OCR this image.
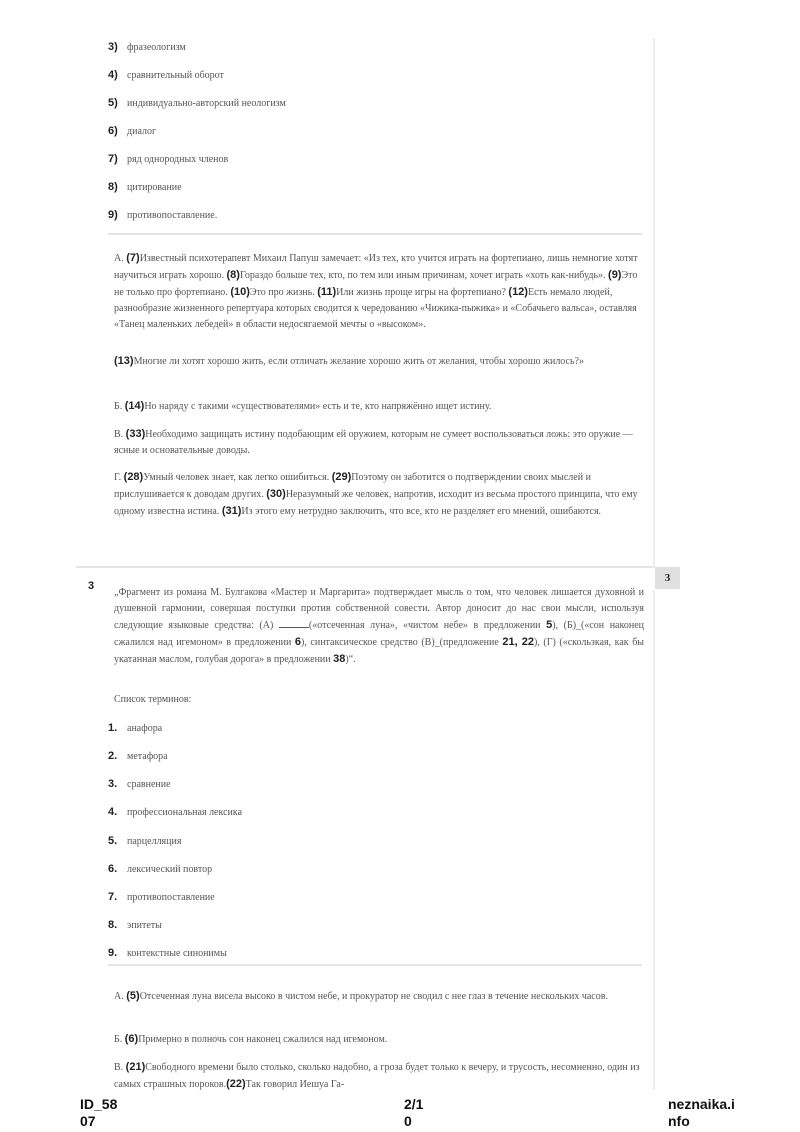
3) фразеологизм
4) сравнительный оборот
5) индивидуально-авторский неологизм
6) диалог
7) ряд однородных членов
8) цитирование
9) противопоставление.

А. (7)Известный психотерапевт Михаил Папуш замечает: «Из тех, кто учится играть на фортепиано, лишь немногие хотят научиться играть хорошо. (8)Гораздо больше тех, кто, по тем или иным причинам, хочет играть «хоть как-нибудь». (9)Это не только про фортепиано. (10)Это про жизнь. (11)Или жизнь проще игры на фортепиано? (12)Есть немало людей, разнообразие жизненного репертуара которых сводится к чередованию «Чижика-пыжика» и «Собачьего вальса», оставляя «Танец маленьких лебедей» в области недосягаемой мечты о «высоком».

(13)Многие ли хотят хорошо жить, если отличать желание хорошо жить от желания, чтобы хорошо жилось?»

Б. (14)Но наряду с такими «существователями» есть и те, кто напряжённо ищет истину.

В. (33)Необходимо защищать истину подобающим ей оружием, которым не сумеет воспользоваться ложь: это оружие — ясные и основательные доводы.

Г. (28)Умный человек знает, как легко ошибиться. (29)Поэтому он заботится о подтверждении своих мыслей и прислушивается к доводам других. (30)Неразумный же человек, напротив, исходит из весьма простого принципа, что ему одному известна истина. (31)Из этого ему нетрудно заключить, что все, кто не разделяет его мнений, ошибаются.

3
3

„Фрагмент из романа М. Булгакова «Мастер и Маргарита» подтверждает мысль о том, что человек лишается духовной и душевной гармонии, совершая поступки против собственной совести. Автор доносит до нас свои мысли, используя следующие языковые средства: (А)	(«отсеченная луна», «чистом небе» в предложении 5), (Б)_(«сон наконец сжалился над игемоном» в предложении 6), синтаксическое средство (В)_(предложение 21, 22), (Г) («скользкая, как бы укатанная маслом, голубая дорога» в предложении 38)“.

Список терминов:
1. анафора
2. метафора
3. сравнение
4. профессиональная лексика
5. парцелляция
6. лексический повтор
7. противопоставление
8. эпитеты
9. контекстные синонимы

А. (5)Отсеченная луна висела высоко в чистом небе, и прокуратор не сводил с нее глаз в течение нескольких часов.

Б. (6)Примерно в полночь сон наконец сжалился над игемоном.

В. (21)Свободного времени было столько, сколько надобно, а гроза будет только к вечеру, и трусость, несомненно, один из самых страшных пороков.(22)Так говорил Иешуа Га-

ID_58
07
2/1
0
neznaika.i
nfo
